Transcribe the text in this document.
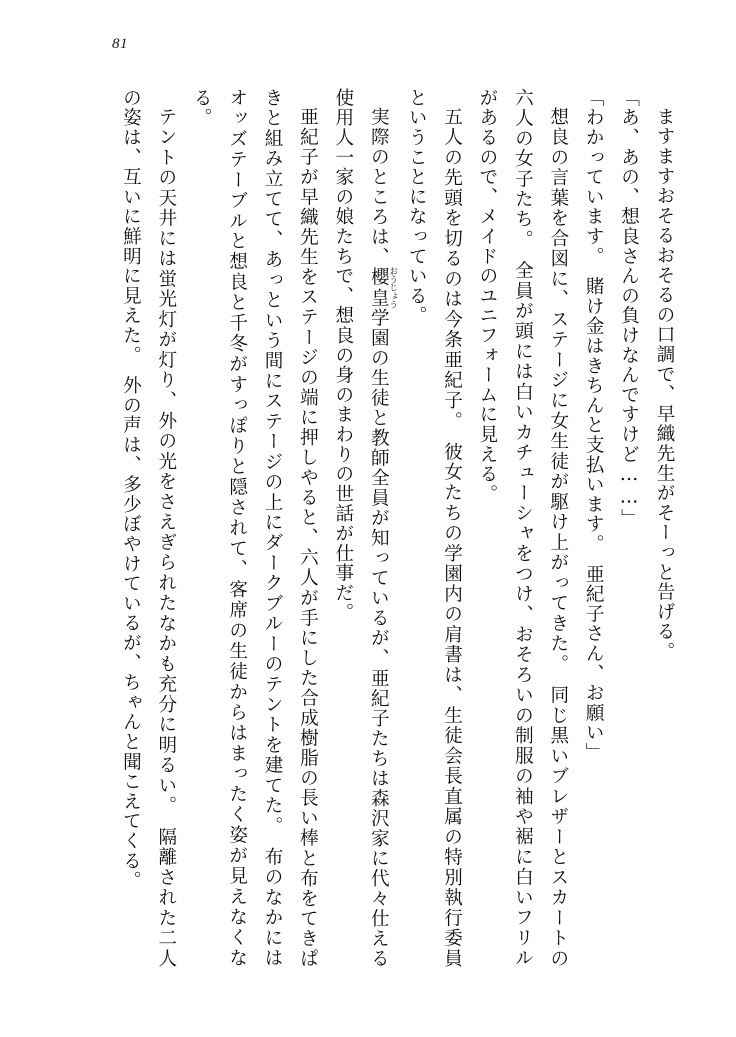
81

ますますおそるおそるの口調で、早織先生がそーっと告げる。

「あ、あの、想良さんの負けなんですけど……」

「わかっています。　賭け金はきちんと支払います。　亜紀子さん、お願い」

想良の言葉を合図に、ステージに女生徒が駆け上がってきた。　同じ黒いブレザーとスカートの六人の女子たち。　全員が頭には白いカチューシャをつけ、おそろいの制服の袖や裾に白いフリルがあるので、メイドのユニフォームに見える。

五人の先頭を切るのは今条亜紀子。　彼女たちの学園内の肩書は、生徒会長直属の特別執行委員ということになっている。

実際のところは、櫻皇 おうじょう学園の生徒と教師全員が知っているが、亜紀子たちは森沢家に代々仕える使用人一家の娘たちで、想良の身のまわりの世話が仕事だ。

亜紀子が早織先生をステージの端に押しやると、六人が手にした合成樹脂の長い棒と布をてきぱきと組み立てて、あっという間にステージの上にダークブルーのテントを建てた。　布のなかにはオッズテーブルと想良と千冬がすっぽりと隠されて、客席の生徒からはまったく姿が見えなくなる。

テントの天井には蛍光灯が灯り、外の光をさえぎられたなかも充分に明るい。　隔離された二人の姿は、互いに鮮明に見えた。　外の声は、多少ぼやけているが、ちゃんと聞こえてくる。
